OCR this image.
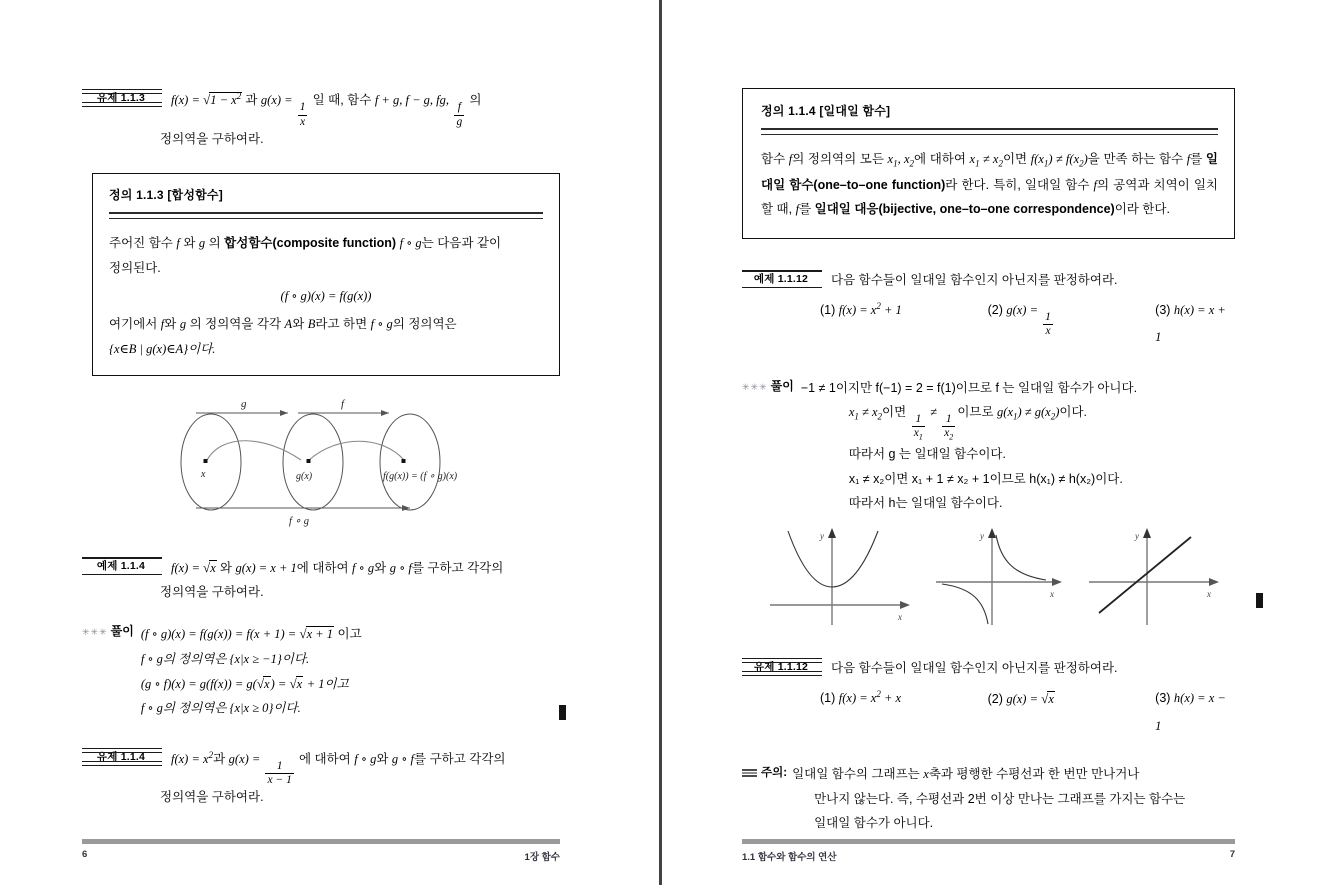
유제 1.1.3	$f(x) = √1 - x^2$ 과 g(x) =
$\frac{1}{x}$
일 때, 함수 f + g, f − g, fg,
$\frac{f}{g}$
의
정의역을 구하여라.
정의 1.1.3 [합성함수]
주어진 함수 f 와 g 의 합성함수(composite function) f ∘ g는 다음과 같이
정의된다.
(f ∘ g)(x) = f(g(x))
여기에서 f와 g 의 정의역을 각각 A와 B라고 하면 f ∘ g의 정의역은
{x∈B | g(x)∈A}이다.
g	f
x	g(x)	f(g(x)) = (f ∘ g)(x)
f ∘ g
예제 1.1.4	f(x) = √x 와 g(x) = x + 1에 대하여 f ∘ g와 g ∘ f를 구하고 각각의
정의역을 구하여라.
✳✳✳ 풀이 (f ∘ g)(x) = f(g(x)) = f(x + 1) = √x + 1 이고
f ∘ g의 정의역은 {x|x ≥ −1}이다.
(g ∘ f)(x) = g(f(x)) = g(√x) = √x + 1이고
f ∘ g의 정의역은 {x|x ≥ 0}이다.
유제 1.1.4	$f(x) = x^2$과 g(x) =
$\frac{1}{x - 1}$
에 대하여 f ∘ g와 g ∘ f를 구하고 각각의
정의역을 구하여라.
6	1장 함수
정의 1.1.4 [일대일 함수]
함수 f의 정의역의 모든 $x_1$, $x_2$에 대하여 $x_1 \ne x_2$이면 $f(x_1) \ne f(x_2)$을 만족 하는 함수 f를 일대일 함수(one–to–one function)라 한다. 특히, 일대일 함수 f의 공역과 치역이 일치할 때, f를 일대일 대응(bijective, one–to–one correspondence)이라 한다.
예제 1.1.12	다음 함수들이 일대일 함수인지 아닌지를 판정하여라.
(1) $f(x) = x^2 + 1$	(2) g(x) =
$\frac{1}{x}$
(3) h(x) = x + 1
✳✳✳ 풀이 −1 ≠ 1이지만 f(−1) = 2 = f(1)이므로 f 는 일대일 함수가 아니다.
$x_1 \ne x_2$이면
$\frac{1}{x_1}$
≠
$\frac{1}{x_2}$
이므로 $g(x_1) \ne g(x_2)$이다.
따라서 g 는 일대일 함수이다.
x₁ ≠ x₂이면 x₁ + 1 ≠ x₂ + 1이므로 h(x₁) ≠ h(x₂)이다.
따라서 h는 일대일 함수이다.
y
x
y
x
y
x
유제 1.1.12	다음 함수들이 일대일 함수인지 아닌지를 판정하여라.
(1) $f(x) = x^2 + x$	(2) g(x) = √x	(3) h(x) = x − 1
주의: 일대일 함수의 그래프는 x축과 평행한 수평선과 한 번만 만나거나
만나지 않는다. 즉, 수평선과 2번 이상 만나는 그래프를 가지는 함수는
일대일 함수가 아니다.
1.1 함수와 함수의 연산	7
